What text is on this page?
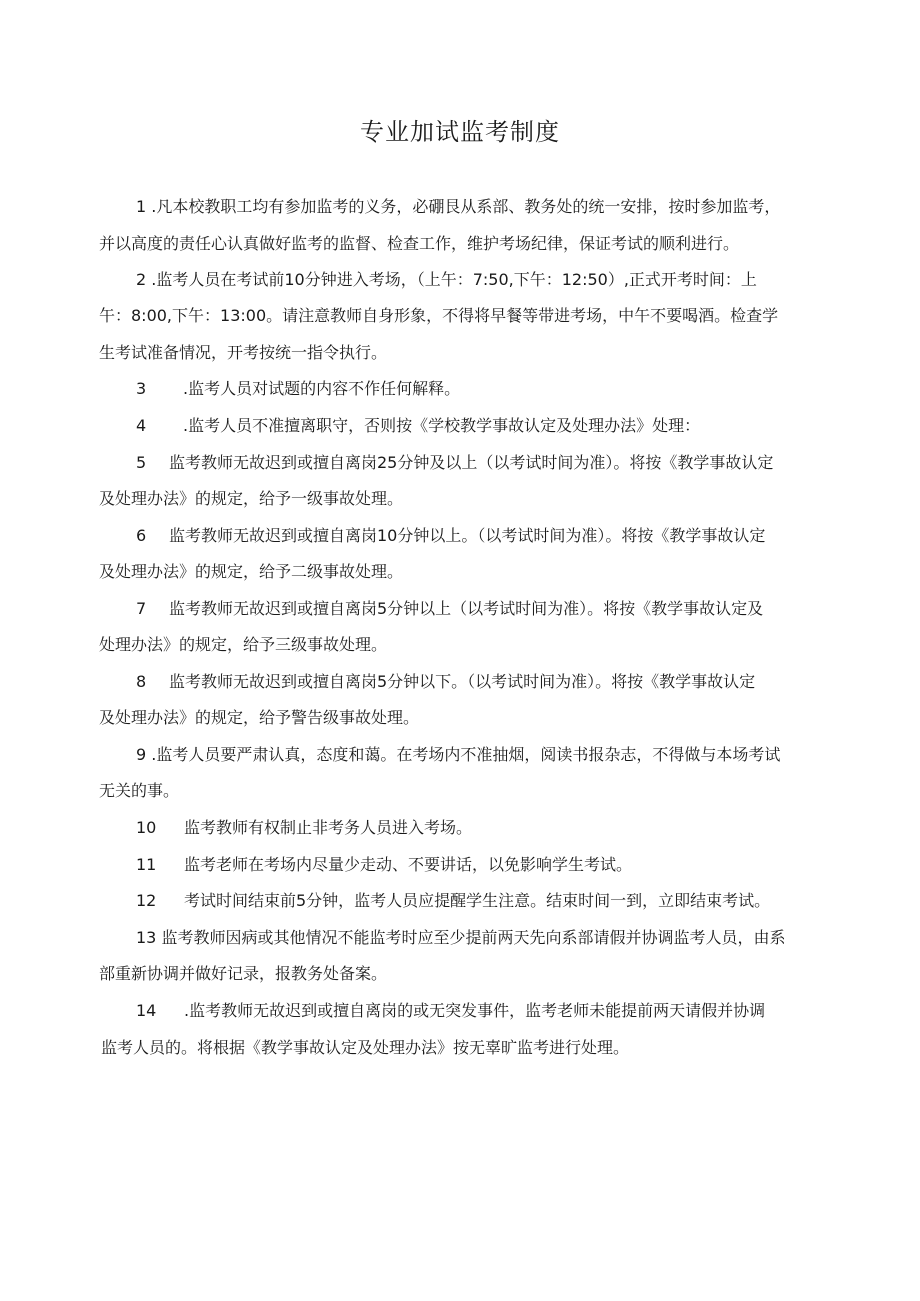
专业加试监考制度
1 .凡本校教职工均有参加监考的义务，必硼艮从系部、教务处的统一安排，按时参加监考，
并以高度的责任心认真做好监考的监督、检查工作，维护考场纪律，保证考试的顺利进行。
2 .监考人员在考试前10分钟进入考场，（上午：7:50,下午：12:50）,正式开考时间：上
午：8:00,下午：13:00。请注意教师自身形象，不得将早餐等带进考场，中午不要喝酒。检查学
生考试准备情况，开考按统一指令执行。
3 .监考人员对试题的内容不作任何解释。
4 .监考人员不准擅离职守，否则按《学校教学事故认定及处理办法》处理：
5 监考教师无故迟到或擅自离岗25分钟及以上（以考试时间为准）。将按《教学事故认定
及处理办法》的规定，给予一级事故处理。
6 监考教师无故迟到或擅自离岗10分钟以上。（以考试时间为准）。将按《教学事故认定
及处理办法》的规定，给予二级事故处理。
7 监考教师无故迟到或擅自离岗5分钟以上（以考试时间为准）。将按《教学事故认定及
处理办法》的规定，给予三级事故处理。
8 监考教师无故迟到或擅自离岗5分钟以下。（以考试时间为准）。将按《教学事故认定
及处理办法》的规定，给予警告级事故处理。
9 .监考人员要严肃认真，态度和蔼。在考场内不准抽烟，阅读书报杂志，不得做与本场考试
无关的事。
10 监考教师有权制止非考务人员进入考场。
11 监考老师在考场内尽量少走动、不要讲话，以免影响学生考试。
12 考试时间结束前5分钟，监考人员应提醒学生注意。结束时间一到，立即结束考试。
13 监考教师因病或其他情况不能监考时应至少提前两天先向系部请假并协调监考人员，由系
部重新协调并做好记录，报教务处备案。
14 .监考教师无故迟到或擅自离岗的或无突发事件，监考老师未能提前两天请假并协调
监考人员的。将根据《教学事故认定及处理办法》按无辜旷监考进行处理。
